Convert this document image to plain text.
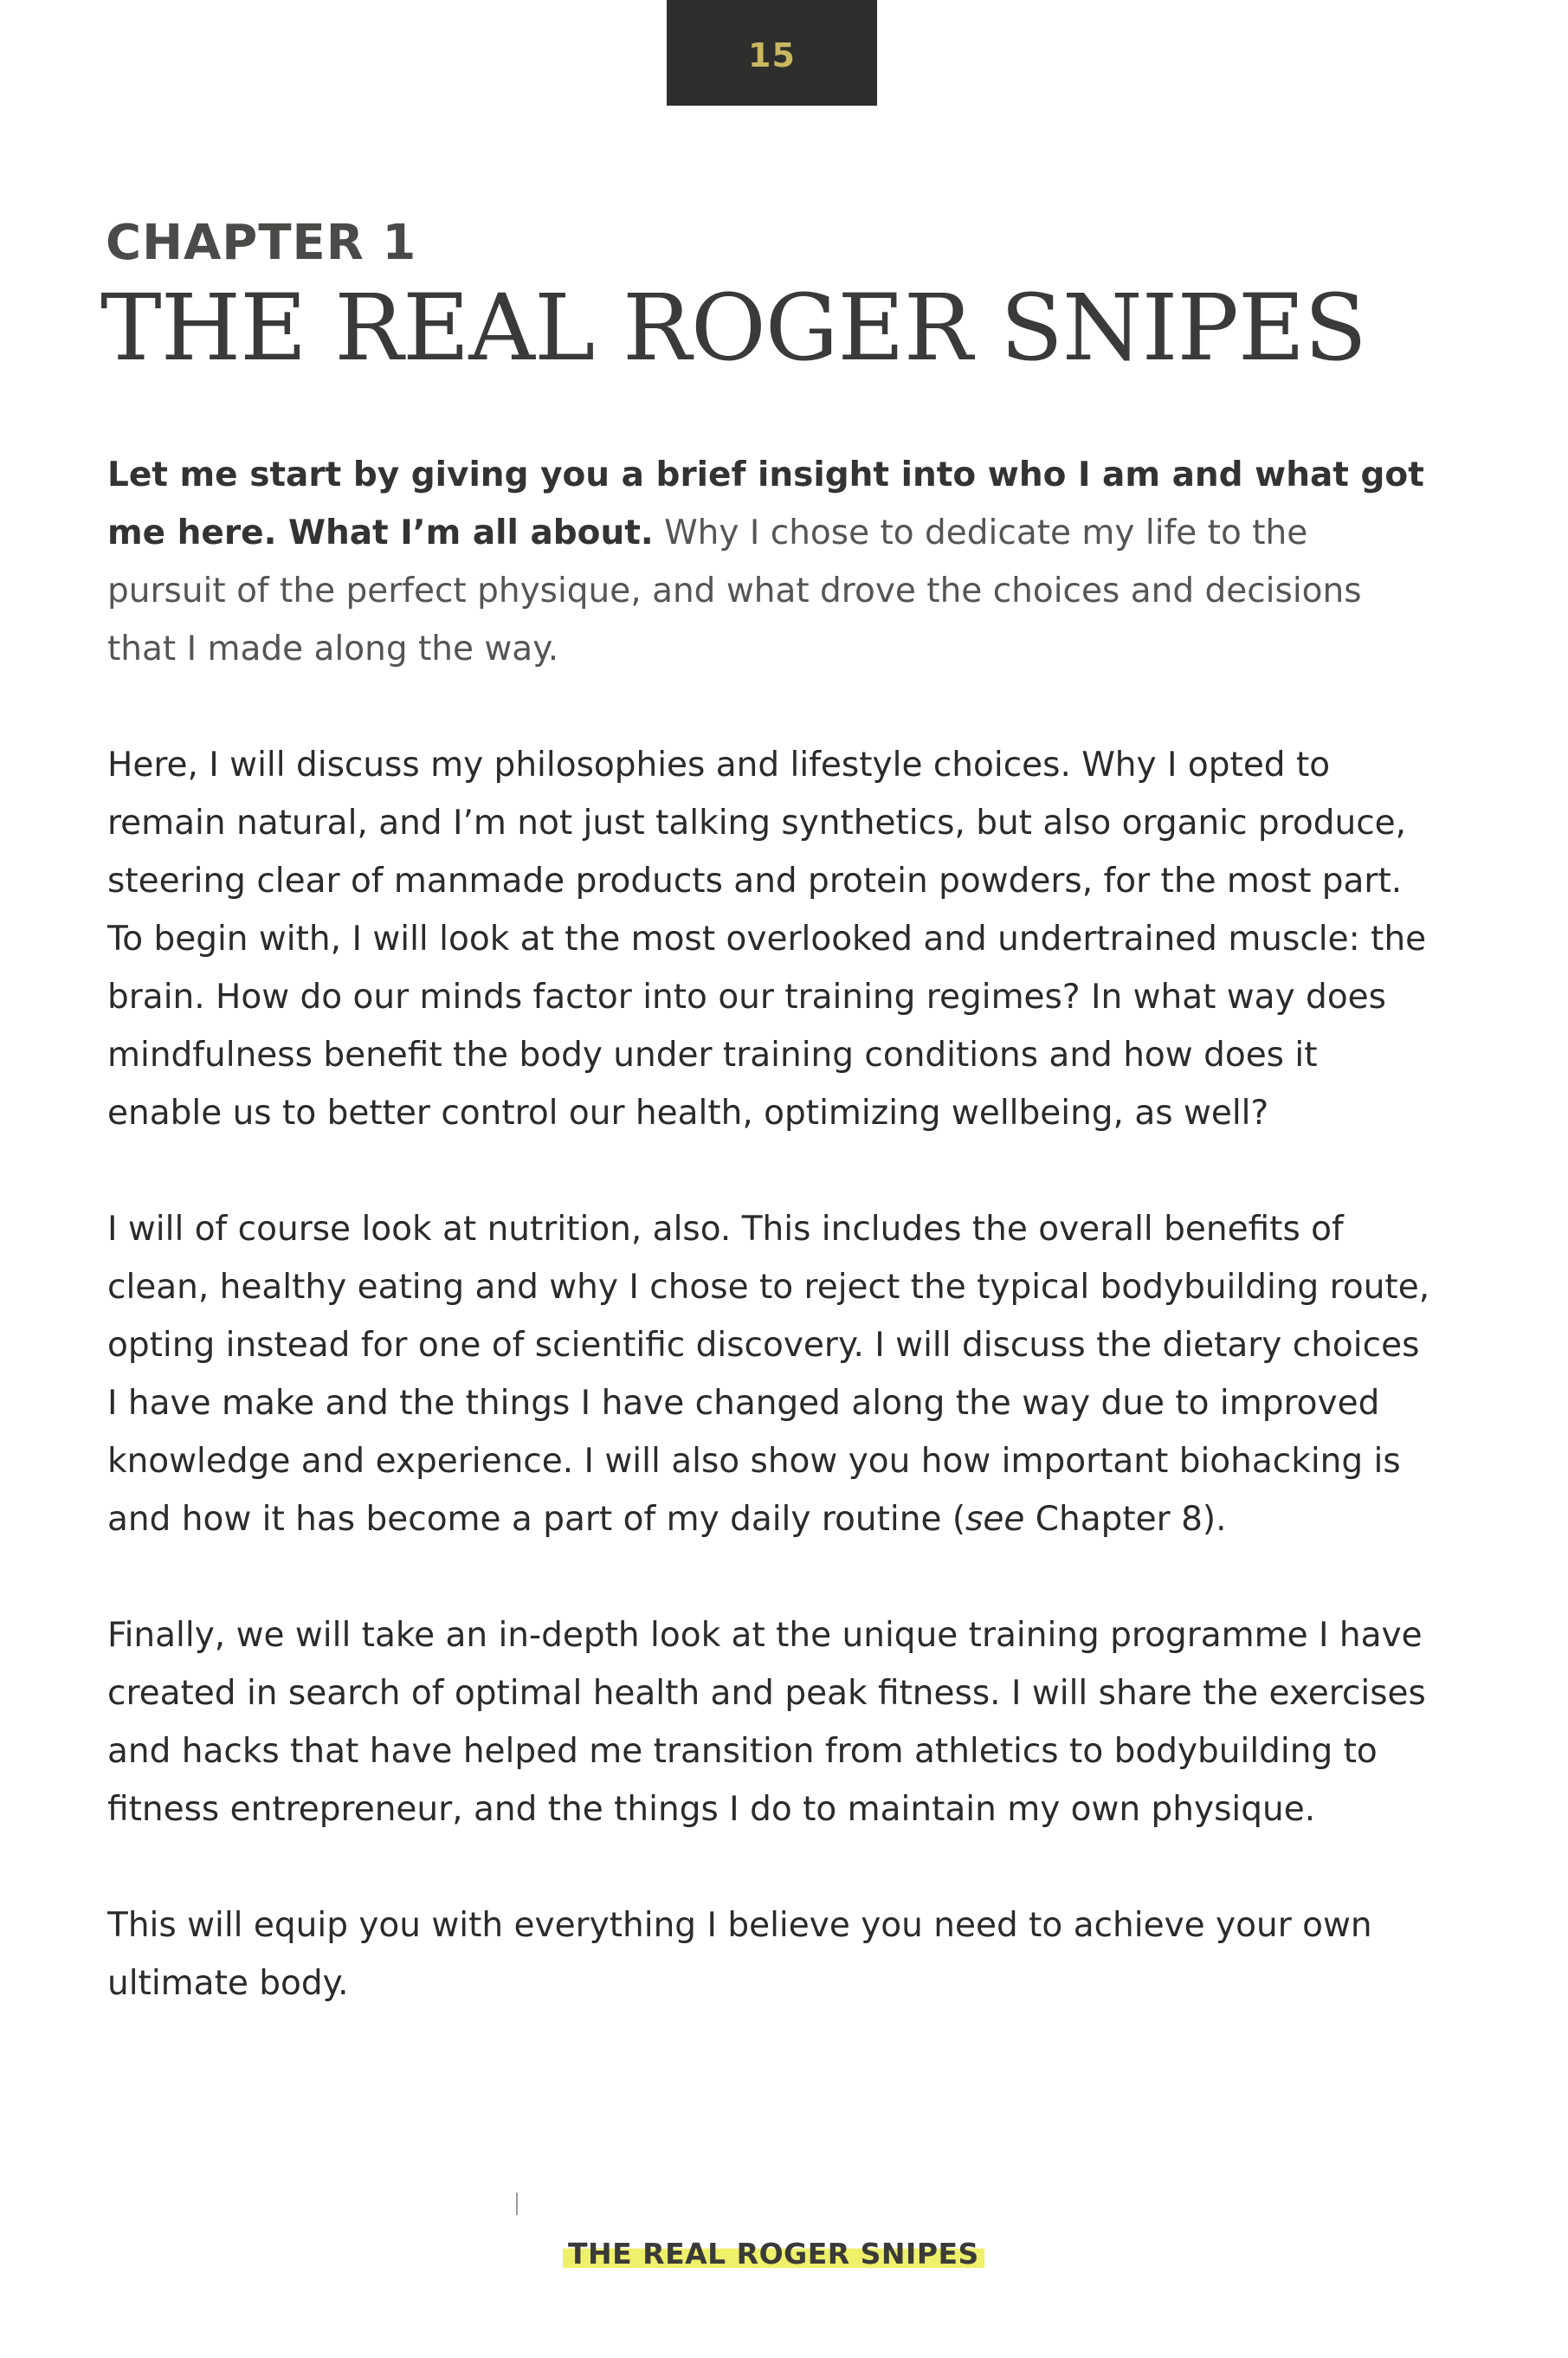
15
CHAPTER 1
THE REAL ROGER SNIPES

Let me start by giving you a brief insight into who I am and what got me here. What I’m all about. Why I chose to dedicate my life to the pursuit of the perfect physique, and what drove the choices and decisions that I made along the way.

Here, I will discuss my philosophies and lifestyle choices. Why I opted to remain natural, and I’m not just talking synthetics, but also organic produce, steering clear of manmade products and protein powders, for the most part. To begin with, I will look at the most overlooked and undertrained muscle: the brain. How do our minds factor into our training regimes? In what way does mindfulness benefit the body under training conditions and how does it enable us to better control our health, optimizing wellbeing, as well?

I will of course look at nutrition, also. This includes the overall benefits of clean, healthy eating and why I chose to reject the typical bodybuilding route, opting instead for one of scientific discovery. I will discuss the dietary choices I have make and the things I have changed along the way due to improved knowledge and experience. I will also show you how important biohacking is and how it has become a part of my daily routine (see Chapter 8).

Finally, we will take an in-depth look at the unique training programme I have created in search of optimal health and peak fitness. I will share the exercises and hacks that have helped me transition from athletics to bodybuilding to fitness entrepreneur, and the things I do to maintain my own physique.

This will equip you with everything I believe you need to achieve your own ultimate body.

THE REAL ROGER SNIPES
